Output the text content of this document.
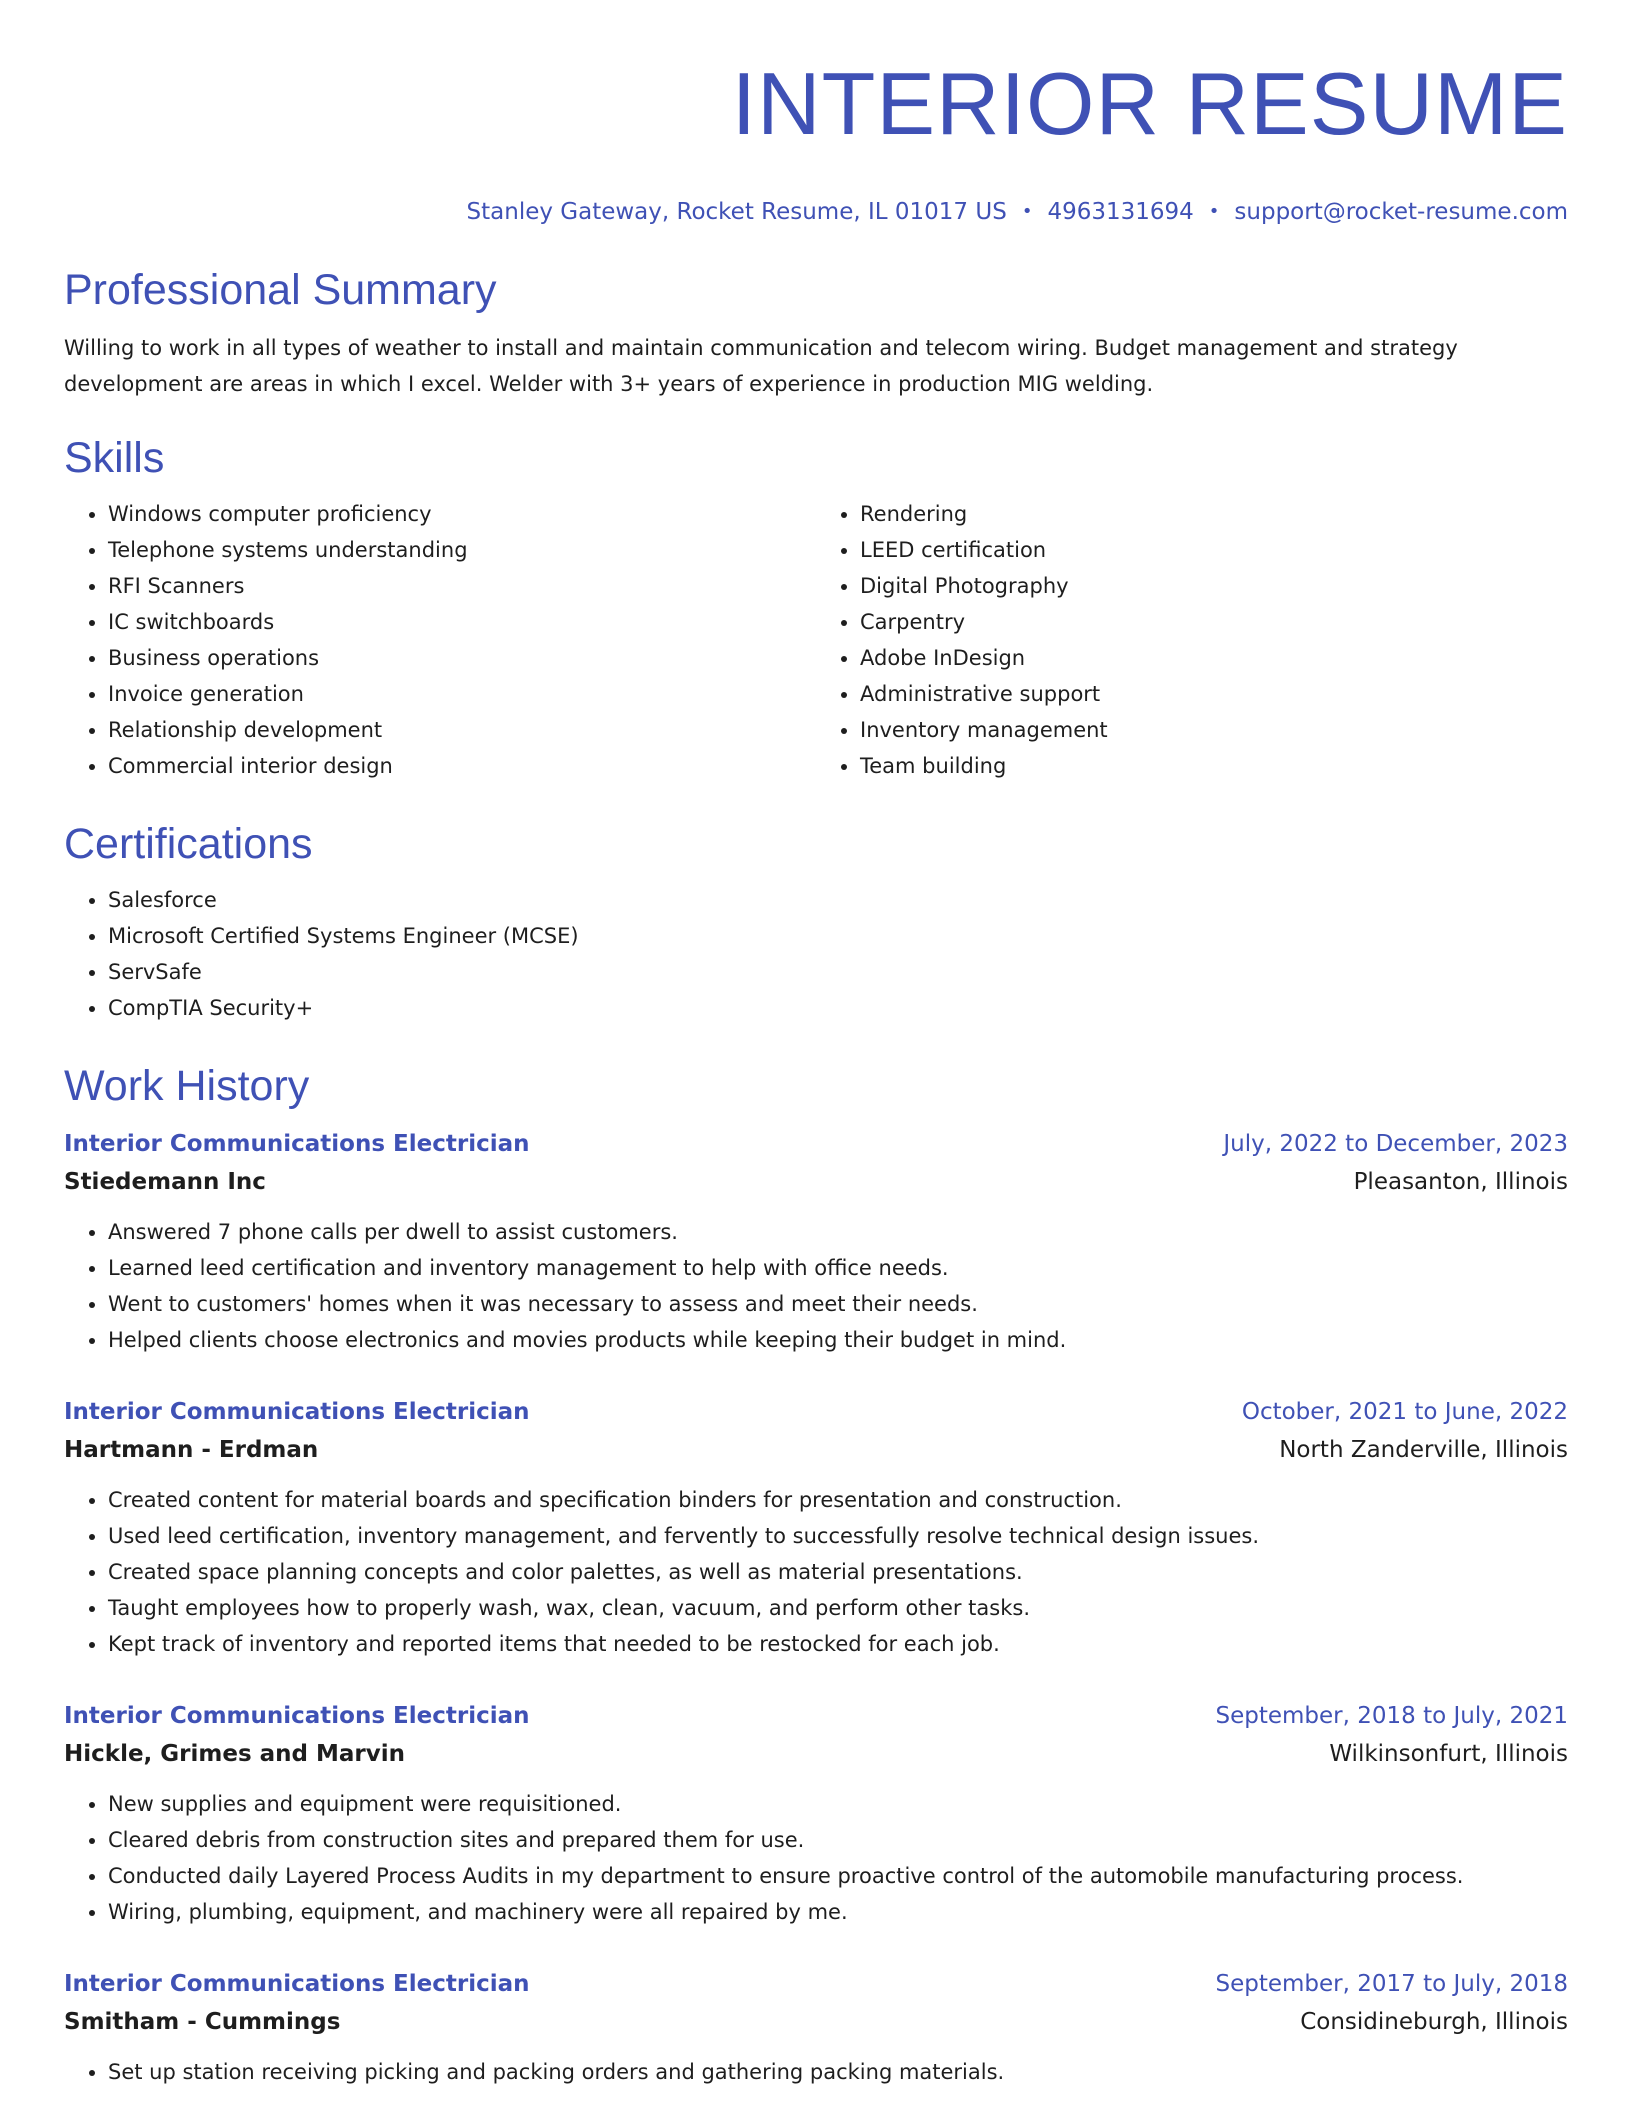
INTERIOR RESUME
Stanley Gateway, Rocket Resume, IL 01017 US • 4963131694 • support@rocket-resume.com
Professional Summary

Willing to work in all types of weather to install and maintain communication and telecom wiring. Budget management and strategy development are areas in which I excel. Welder with 3+ years of experience in production MIG welding.

Skills
• Windows computer proficiency
• Telephone systems understanding
• RFI Scanners
• IC switchboards
• Business operations
• Invoice generation
• Relationship development
• Commercial interior design
• Rendering
• LEED certification
• Digital Photography
• Carpentry
• Adobe InDesign
• Administrative support
• Inventory management
• Team building
Certifications
• Salesforce
• Microsoft Certified Systems Engineer (MCSE)
• ServSafe
• CompTIA Security+
Work History
Interior Communications Electrician	July, 2022 to December, 2023
Stiedemann Inc	Pleasanton, Illinois
• Answered 7 phone calls per dwell to assist customers.
• Learned leed certification and inventory management to help with office needs.
• Went to customers' homes when it was necessary to assess and meet their needs.
• Helped clients choose electronics and movies products while keeping their budget in mind.
Interior Communications Electrician	October, 2021 to June, 2022
Hartmann - Erdman	North Zanderville, Illinois
• Created content for material boards and specification binders for presentation and construction.
• Used leed certification, inventory management, and fervently to successfully resolve technical design issues.
• Created space planning concepts and color palettes, as well as material presentations.
• Taught employees how to properly wash, wax, clean, vacuum, and perform other tasks.
• Kept track of inventory and reported items that needed to be restocked for each job.
Interior Communications Electrician	September, 2018 to July, 2021
Hickle, Grimes and Marvin	Wilkinsonfurt, Illinois
• New supplies and equipment were requisitioned.
• Cleared debris from construction sites and prepared them for use.
• Conducted daily Layered Process Audits in my department to ensure proactive control of the automobile manufacturing process.
• Wiring, plumbing, equipment, and machinery were all repaired by me.
Interior Communications Electrician	September, 2017 to July, 2018
Smitham - Cummings	Considineburgh, Illinois
• Set up station receiving picking and packing orders and gathering packing materials.
